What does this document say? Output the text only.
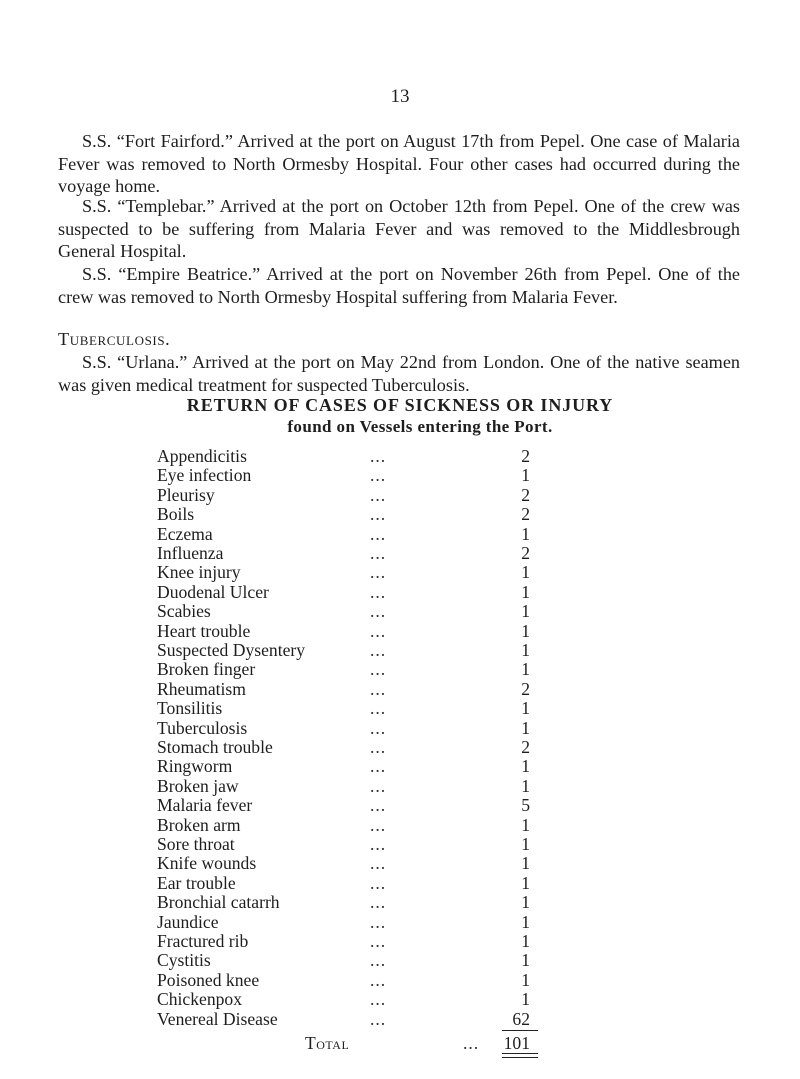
13

S.S. “Fort Fairford.” Arrived at the port on August 17th from Pepel. One case of Malaria Fever was removed to North Ormesby Hospital. Four other cases had occurred during the voyage home.

S.S. “Templebar.” Arrived at the port on October 12th from Pepel. One of the crew was suspected to be suffering from Malaria Fever and was removed to the Middlesbrough General Hospital.

S.S. “Empire Beatrice.” Arrived at the port on November 26th from Pepel. One of the crew was removed to North Ormesby Hospital suffering from Malaria Fever.

Tuberculosis.

S.S. “Urlana.” Arrived at the port on May 22nd from London. One of the native seamen was given medical treatment for suspected Tuberculosis.

RETURN OF CASES OF SICKNESS OR INJURY
found on Vessels entering the Port.
Appendicitis	...	2
Eye infection	...	1
Pleurisy	...	2
Boils	...	2
Eczema	...	1
Influenza	...	2
Knee injury	...	1
Duodenal Ulcer	...	1
Scabies	...	1
Heart trouble	...	1
Suspected Dysentery	...	1
Broken finger	...	1
Rheumatism	...	2
Tonsilitis	...	1
Tuberculosis	...	1
Stomach trouble	...	2
Ringworm	...	1
Broken jaw	...	1
Malaria fever	...	5
Broken arm	...	1
Sore throat	...	1
Knife wounds	...	1
Ear trouble	...	1
Bronchial catarrh	...	1
Jaundice	...	1
Fractured rib	...	1
Cystitis	...	1
Poisoned knee	...	1
Chickenpox	...	1
Venereal Disease	...	62
Total	...	101
